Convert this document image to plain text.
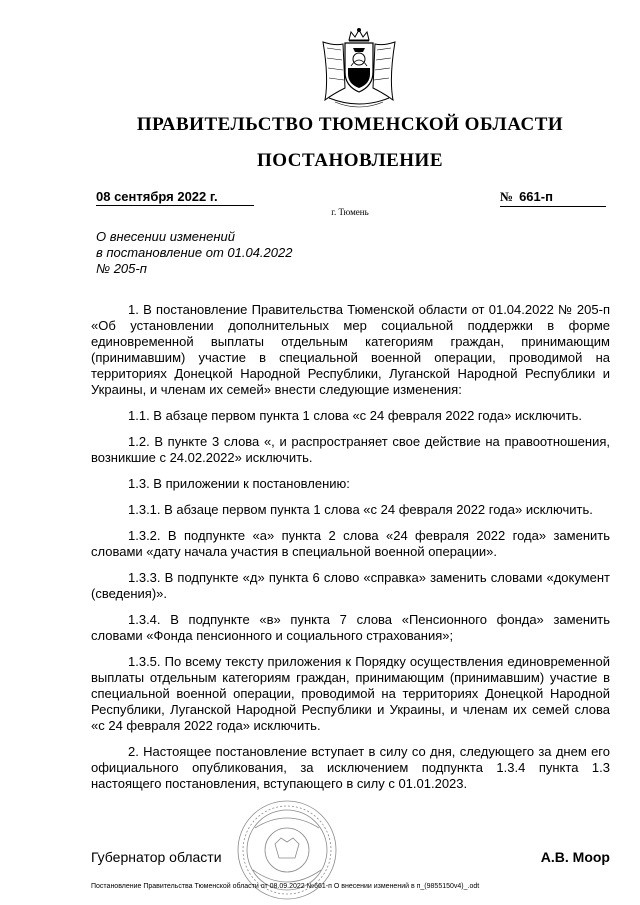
ПРАВИТЕЛЬСТВО ТЮМЕНСКОЙ ОБЛАСТИ
ПОСТАНОВЛЕНИЕ
08 сентября 2022 г.	№ 661-п
г. Тюмень
О внесении изменений
в постановление от 01.04.2022
№ 205-п

1. В постановление Правительства Тюменской области от 01.04.2022 № 205-п «Об установлении дополнительных мер социальной поддержки в форме единовременной выплаты отдельным категориям граждан, принимающим (принимавшим) участие в специальной военной операции, проводимой на территориях Донецкой Народной Республики, Луганской Народной Республики и Украины, и членам их семей» внести следующие изменения:

1.1. В абзаце первом пункта 1 слова «с 24 февраля 2022 года» исключить.

1.2. В пункте 3 слова «, и распространяет свое действие на правоотношения, возникшие с 24.02.2022» исключить.

1.3. В приложении к постановлению:

1.3.1. В абзаце первом пункта 1 слова «с 24 февраля 2022 года» исключить.

1.3.2. В подпункте «а» пункта 2 слова «24 февраля 2022 года» заменить словами «дату начала участия в специальной военной операции».

1.3.3. В подпункте «д» пункта 6 слово «справка» заменить словами «документ (сведения)».

1.3.4. В подпункте «в» пункта 7 слова «Пенсионного фонда» заменить словами «Фонда пенсионного и социального страхования»;

1.3.5. По всему тексту приложения к Порядку осуществления единовременной выплаты отдельным категориям граждан, принимающим (принимавшим) участие в специальной военной операции, проводимой на территориях Донецкой Народной Республики, Луганской Народной Республики и Украины, и членам их семей слова «с 24 февраля 2022 года» исключить.

2. Настоящее постановление вступает в силу со дня, следующего за днем его официального опубликования, за исключением подпункта 1.3.4 пункта 1.3 настоящего постановления, вступающего в силу с 01.01.2023.

Губернатор области	А.В. Моор
Постановление Правительства Тюменской области от 08.09.2022 №661-п О внесении изменений в п_(9855150v4)_.odt
